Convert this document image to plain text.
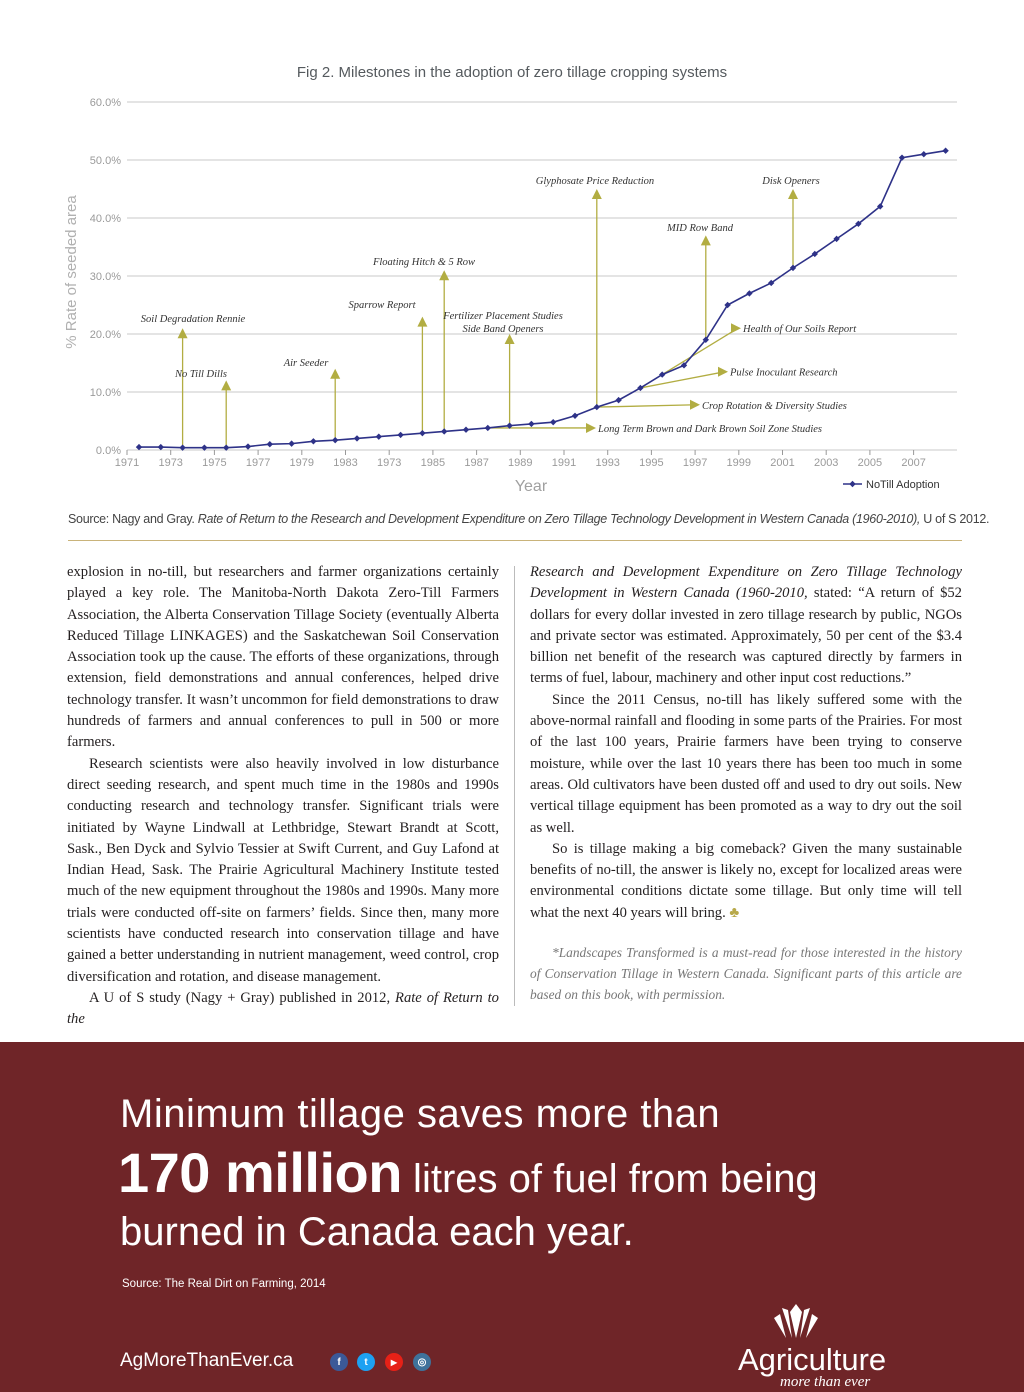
Fig 2. Milestones in the adoption of zero tillage cropping systems
0.0%
10.0%
20.0%
30.0%
40.0%
50.0%
60.0%
1971 1973 1975 1977 1979 1983 1973 1985 1987 1989 1991 1993 1995 1997 1999 2001 2003 2005 2007
Year
% Rate of seeded area	Soil Degradation Rennie
No Till Dills
Air Seeder
Sparrow Report
Floating Hitch & 5 Row
Fertilizer Placement Studies
Side Band Openers
Glyphosate Price Reduction
MID Row Band
Disk Openers
Long Term Brown and Dark Brown Soil Zone Studies
Crop Rotation & Diversity Studies
Pulse Inoculant Research
Health of Our Soils Report
NoTill Adoption
Source: Nagy and Gray. Rate of Return to the Research and Development Expenditure on Zero Tillage Technology Development in Western Canada (1960-2010), U of S 2012.

explosion in no-till, but researchers and farmer organizations certainly played a key role. The Manitoba-North Dakota Zero-Till Farmers Association, the Alberta Conservation Tillage Society (eventually Alberta Reduced Tillage LINKAGES) and the Saskatchewan Soil Conservation Association took up the cause. The efforts of these organizations, through extension, field demonstrations and annual conferences, helped drive technology transfer. It wasn’t uncommon for field demonstrations to draw hundreds of farmers and annual conferences to pull in 500 or more farmers.

Research scientists were also heavily involved in low disturbance direct seeding research, and spent much time in the 1980s and 1990s conducting research and technology transfer. Significant trials were initiated by Wayne Lindwall at Lethbridge, Stewart Brandt at Scott, Sask., Ben Dyck and Sylvio Tessier at Swift Current, and Guy Lafond at Indian Head, Sask. The Prairie Agricultural Machinery Institute tested much of the new equipment throughout the 1980s and 1990s. Many more trials were conducted off-site on farmers’ fields. Since then, many more scientists have conducted research into conservation tillage and have gained a better understanding in nutrient management, weed control, crop diversification and rotation, and disease management.

A U of S study (Nagy + Gray) published in 2012, Rate of Return to the

Research and Development Expenditure on Zero Tillage Technology Development in Western Canada (1960-2010, stated: “A return of $52 dollars for every dollar invested in zero tillage research by public, NGOs and private sector was estimated. Approximately, 50 per cent of the $3.4 billion net benefit of the research was captured directly by farmers in terms of fuel, labour, machinery and other input cost reductions.”

Since the 2011 Census, no-till has likely suffered some with the above-normal rainfall and flooding in some parts of the Prairies. For most of the last 100 years, Prairie farmers have been trying to conserve moisture, while over the last 10 years there has been too much in some areas. Old cultivators have been dusted off and used to dry out soils. New vertical tillage equipment has been promoted as a way to dry out the soil as well.

So is tillage making a big comeback? Given the many sustainable benefits of no-till, the answer is likely no, except for localized areas were environmental conditions dictate some tillage. But only time will tell what the next 40 years will bring. ♣

*Landscapes Transformed is a must-read for those interested in the history of Conservation Tillage in Western Canada. Significant parts of this article are based on this book, with permission.

Minimum tillage saves more than
170 million litres of fuel from being
burned in Canada each year.
Source: The Real Dirt on Farming, 2014
AgMoreThanEver.ca	f	t	▶	◎	Agriculture
more than ever
